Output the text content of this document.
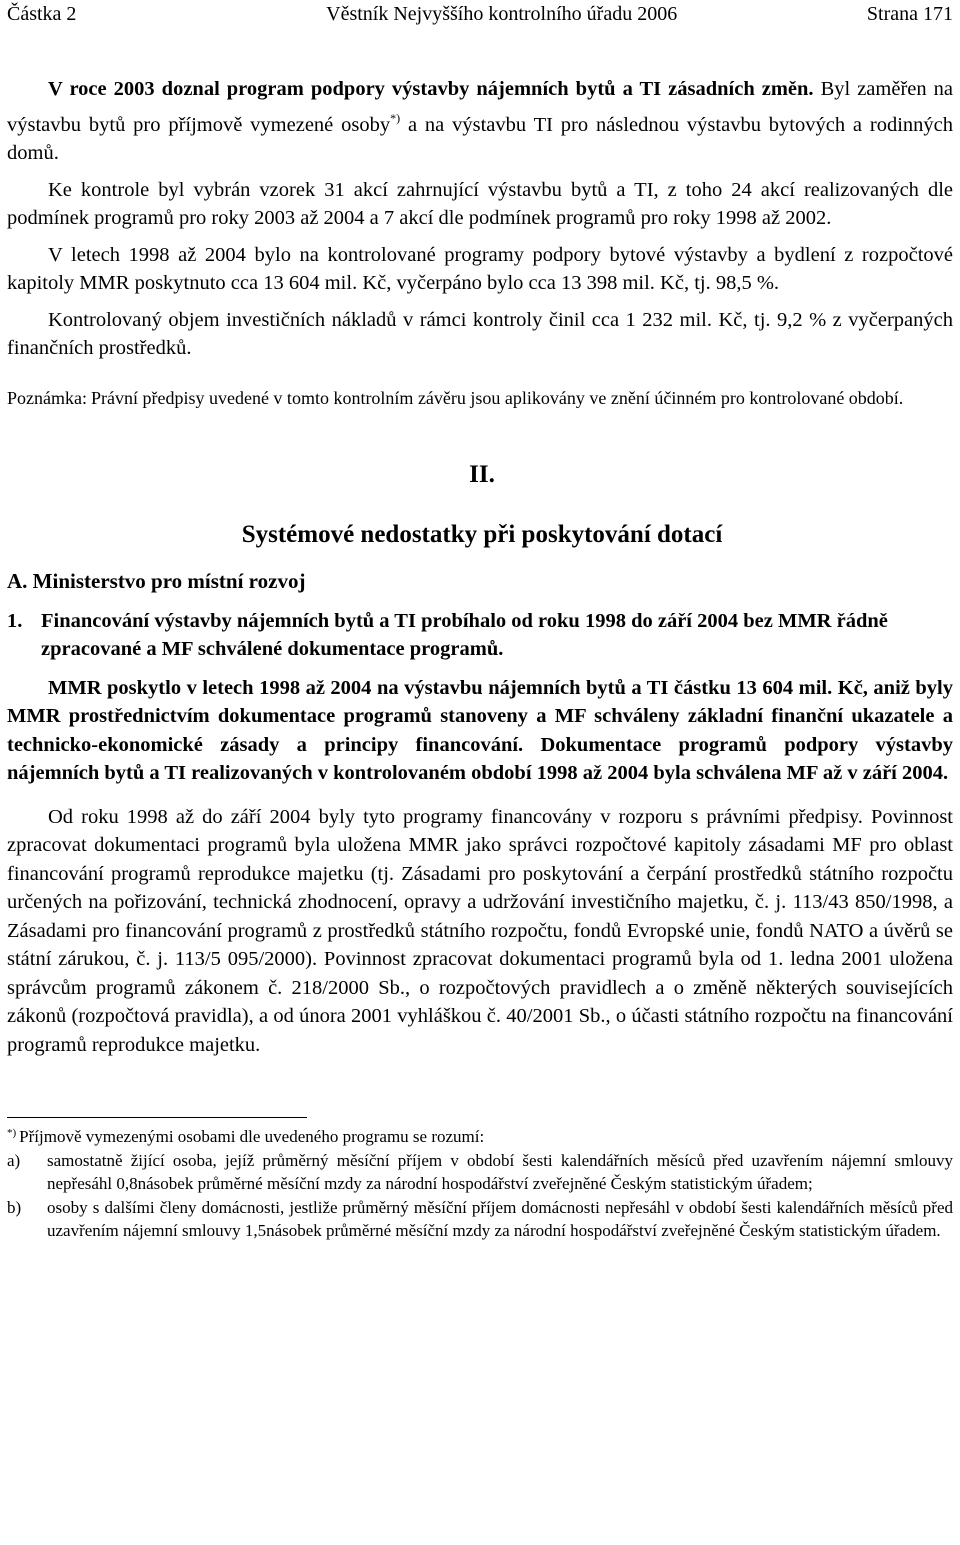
Částka 2	Věstník Nejvyššího kontrolního úřadu 2006	Strana 171

V roce 2003 doznal program podpory výstavby nájemních bytů a TI zásadních změn. Byl zaměřen na výstavbu bytů pro příjmově vymezené osoby*) a na výstavbu TI pro následnou výstavbu bytových a rodinných domů.

Ke kontrole byl vybrán vzorek 31 akcí zahrnující výstavbu bytů a TI, z toho 24 akcí realizovaných dle podmínek programů pro roky 2003 až 2004 a 7 akcí dle podmínek programů pro roky 1998 až 2002.

V letech 1998 až 2004 bylo na kontrolované programy podpory bytové výstavby a bydlení z rozpočtové kapitoly MMR poskytnuto cca 13 604 mil. Kč, vyčerpáno bylo cca 13 398 mil. Kč, tj. 98,5 %.

Kontrolovaný objem investičních nákladů v rámci kontroly činil cca 1 232 mil. Kč, tj. 9,2 % z vyčerpaných finančních prostředků.

Poznámka: Právní předpisy uvedené v tomto kontrolním závěru jsou aplikovány ve znění účinném pro kontrolované období.
II.
Systémové nedostatky při poskytování dotací
A. Ministerstvo pro místní rozvoj
1. Financování výstavby nájemních bytů a TI probíhalo od roku 1998 do září 2004 bez MMR řádně zpracované a MF schválené dokumentace programů.

MMR poskytlo v letech 1998 až 2004 na výstavbu nájemních bytů a TI částku 13 604 mil. Kč, aniž byly MMR prostřednictvím dokumentace programů stanoveny a MF schváleny základní finanční ukazatele a technicko-ekonomické zásady a principy financování. Dokumentace programů podpory výstavby nájemních bytů a TI realizovaných v kontrolovaném období 1998 až 2004 byla schválena MF až v září 2004.

Od roku 1998 až do září 2004 byly tyto programy financovány v rozporu s právními předpisy. Povinnost zpracovat dokumentaci programů byla uložena MMR jako správci rozpočtové kapitoly zásadami MF pro oblast financování programů reprodukce majetku (tj. Zásadami pro poskytování a čerpání prostředků státního rozpočtu určených na pořizování, technická zhodnocení, opravy a udržování investičního majetku, č. j. 113/43 850/1998, a Zásadami pro financování programů z prostředků státního rozpočtu, fondů Evropské unie, fondů NATO a úvěrů se státní zárukou, č. j. 113/5 095/2000). Povinnost zpracovat dokumentaci programů byla od 1. ledna 2001 uložena správcům programů zákonem č. 218/2000 Sb., o rozpočtových pravidlech a o změně některých souvisejících zákonů (rozpočtová pravidla), a od února 2001 vyhláškou č. 40/2001 Sb., o účasti státního rozpočtu na financování programů reprodukce majetku.

*) Příjmově vymezenými osobami dle uvedeného programu se rozumí:
a)	samostatně žijící osoba, jejíž průměrný měsíční příjem v období šesti kalendářních měsíců před uzavřením nájemní smlouvy nepřesáhl 0,8násobek průměrné měsíční mzdy za národní hospodářství zveřejněné Českým statistickým úřadem;
b)	osoby s dalšími členy domácnosti, jestliže průměrný měsíční příjem domácnosti nepřesáhl v období šesti kalendářních měsíců před uzavřením nájemní smlouvy 1,5násobek průměrné měsíční mzdy za národní hospodářství zveřejněné Českým statistickým úřadem.
